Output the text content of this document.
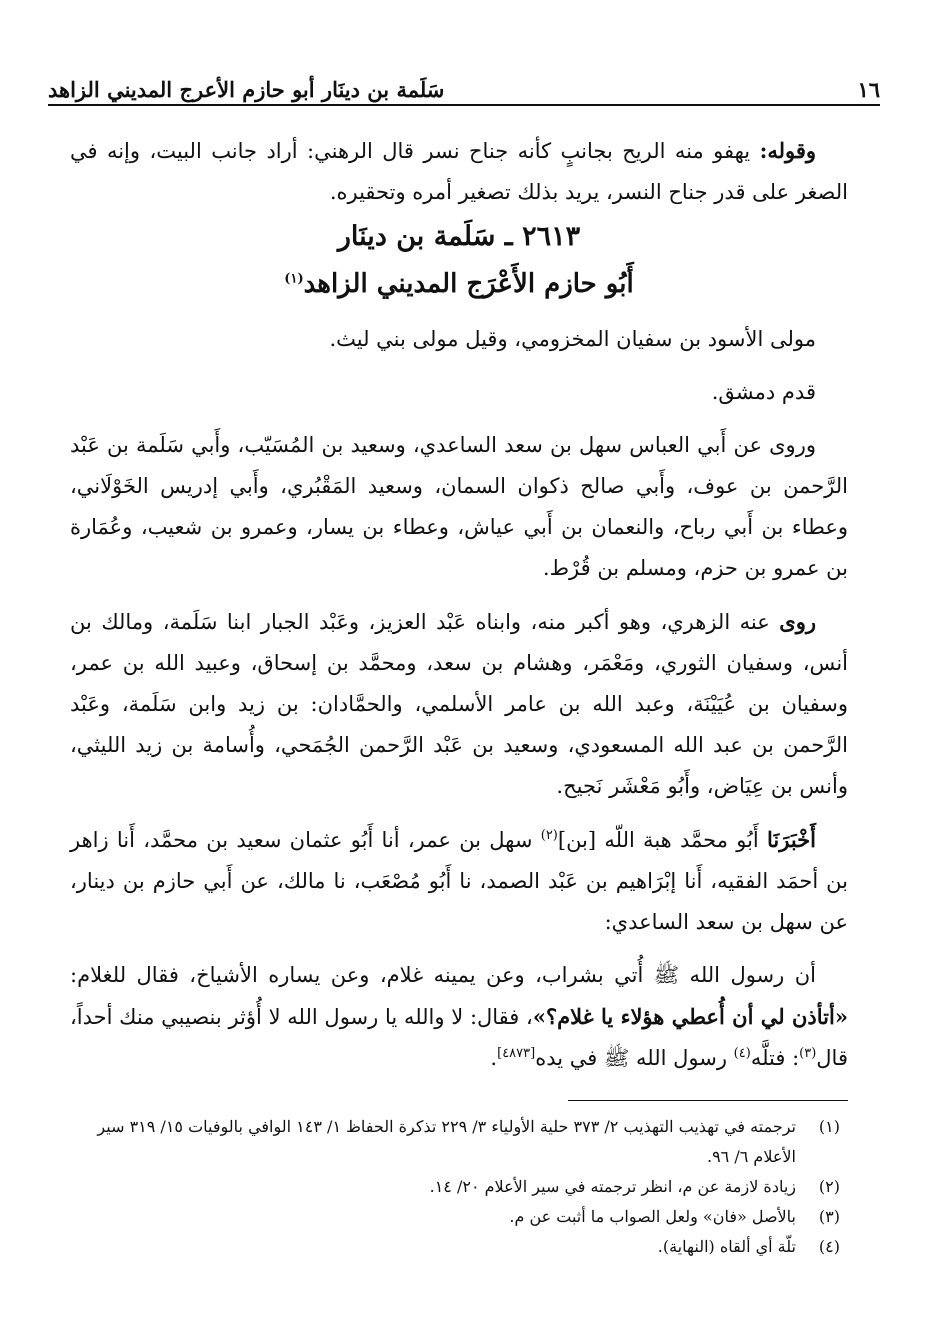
١٦
سَلَمة بن دينَار أبو حازم الأعرج المديني الزاهد

وقوله: يهفو منه الريح بجانبٍ كأنه جناح نسر قال الرهني: أراد جانب البيت، وإنه في الصغر على قدر جناح النسر، يريد بذلك تصغير أمره وتحقيره.

٢٦١٣ ـ سَلَمة بن دينَار
أَبُو حازم الأَعْرَج المديني الزاهد$^{(١)}$

مولى الأسود بن سفيان المخزومي، وقيل مولى بني ليث.

قدم دمشق.

وروى عن أَبي العباس سهل بن سعد الساعدي، وسعيد بن المُسَيّب، وأَبي سَلَمة بن عَبْد الرَّحمن بن عوف، وأَبي صالح ذكوان السمان، وسعيد المَقْبُري، وأَبي إدريس الخَوْلَاني، وعطاء بن أَبي رباح، والنعمان بن أَبي عياش، وعطاء بن يسار، وعمرو بن شعيب، وعُمَارة بن عمرو بن حزم، ومسلم بن قُرْط.

روى عنه الزهري، وهو أكبر منه، وابناه عَبْد العزيز، وعَبْد الجبار ابنا سَلَمة، ومالك بن أنس، وسفيان الثوري، ومَعْمَر، وهشام بن سعد، ومحمَّد بن إسحاق، وعبيد الله بن عمر، وسفيان بن عُيَيْنَة، وعبد الله بن عامر الأسلمي، والحمَّادان: بن زيد وابن سَلَمة، وعَبْد الرَّحمن بن عبد الله المسعودي، وسعيد بن عَبْد الرَّحمن الجُمَحي، وأُسامة بن زيد الليثي، وأنس بن عِيَاض، وأَبُو مَعْشَر نَجيح.

أَخْبَرَنَا أَبُو محمَّد هبة اللّه [بن]$^{(٢)}$ سهل بن عمر، أنا أَبُو عثمان سعيد بن محمَّد، أَنا زاهر بن أحمَد الفقيه، أَنا إبْرَاهيم بن عَبْد الصمد، نا أَبُو مُصْعَب، نا مالك، عن أَبي حازم بن دينار، عن سهل بن سعد الساعدي:

أن رسول الله ﷺ أُتي بشراب، وعن يمينه غلام، وعن يساره الأشياخ، فقال للغلام: «أتأذن لي أن أُعطي هؤلاء يا غلام؟»، فقال: لا والله يا رسول الله لا أُؤثر بنصيبي منك أحداً، قال$^{(٣)}$: فتلَّه$^{(٤)}$ رسول الله ﷺ في يده[٤٨٧٣].

(١)
ترجمته في تهذيب التهذيب ٢/ ٣٧٣ حلية الأولياء ٣/ ٢٢٩ تذكرة الحفاظ ١/ ١٤٣ الوافي بالوفيات ١٥/ ٣١٩ سير الأعلام ٦/ ٩٦.
(٢)
زيادة لازمة عن م، انظر ترجمته في سير الأعلام ٢٠/ ١٤.
(٣)
بالأصل «فان» ولعل الصواب ما أثبت عن م.
(٤)
تلّة أي ألقاه (النهاية).
